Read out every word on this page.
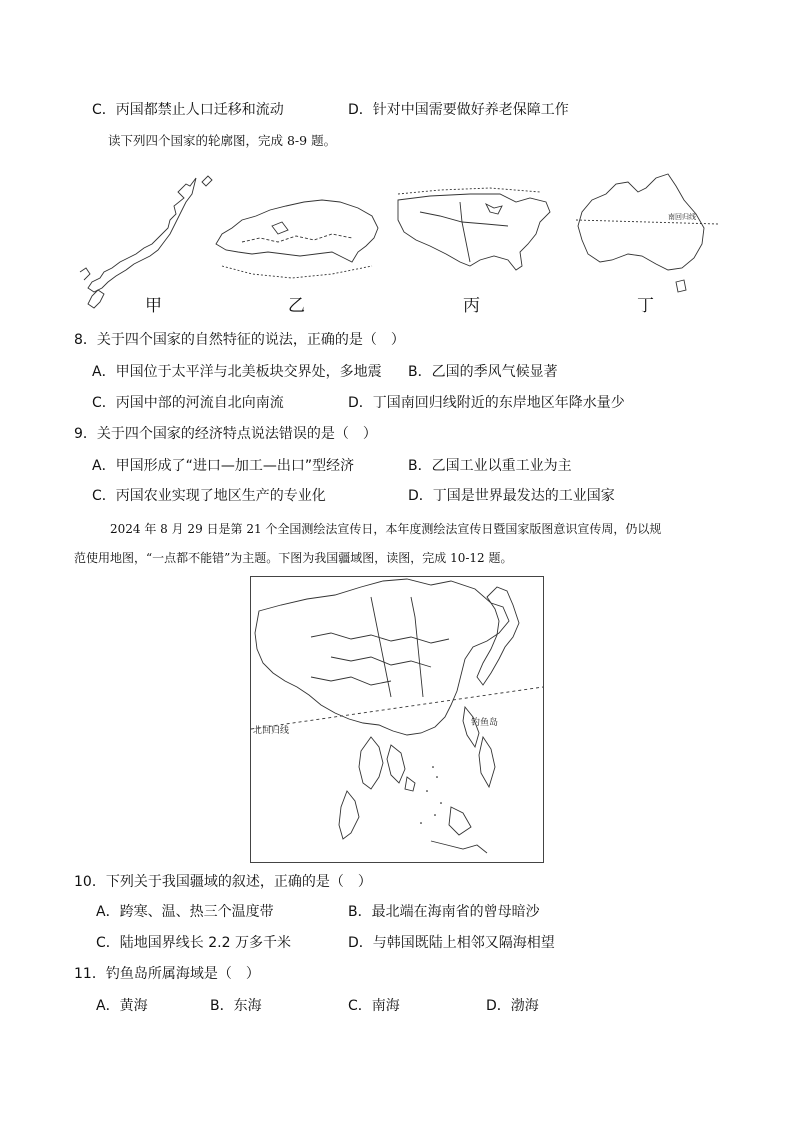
C．丙国都禁止人口迁移和流动	D．针对中国需要做好养老保障工作
读下列四个国家的轮廓图，完成 8-9 题。
甲	乙	丙
南回归线
丁
8．关于四个国家的自然特征的说法，正确的是（　）
A．甲国位于太平洋与北美板块交界处，多地震 B．乙国的季风气候显著
C．丙国中部的河流自北向南流	D．丁国南回归线附近的东岸地区年降水量少
9．关于四个国家的经济特点说法错误的是（　）
A．甲国形成了“进口—加工—出口”型经济	B．乙国工业以重工业为主
C．丙国农业实现了地区生产的专业化	D．丁国是世界最发达的工业国家
2024 年 8 月 29 日是第 21 个全国测绘法宣传日，本年度测绘法宣传日暨国家版图意识宣传周，仍以规
范使用地图，“一点都不能错”为主题。下图为我国疆域图，读图，完成 10-12 题。
北回归线
钓鱼岛
10．下列关于我国疆域的叙述，正确的是（　）
A．跨寒、温、热三个温度带	B．最北端在海南省的曾母暗沙
C．陆地国界线长 2.2 万多千米	D．与韩国既陆上相邻又隔海相望
11．钓鱼岛所属海域是（　）
A．黄海	B．东海	C．南海	D．渤海
